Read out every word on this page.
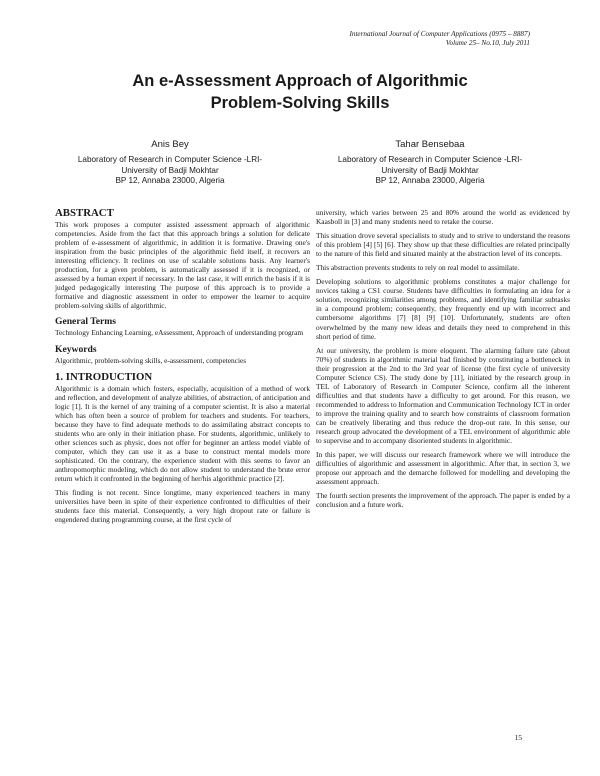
International Journal of Computer Applications (0975 – 8887)
Volume 25– No.10, July 2011
An e-Assessment Approach of Algorithmic
Problem-Solving Skills
Anis Bey
Laboratory of Research in Computer Science -LRI-
University of Badji Mokhtar
BP 12, Annaba 23000, Algeria
Tahar Bensebaa
Laboratory of Research in Computer Science -LRI-
University of Badji Mokhtar
BP 12, Annaba 23000, Algeria
ABSTRACT
This work proposes a computer assisted assessment approach of algorithmic competencies. Aside from the fact that this approach brings a solution for delicate problem of e-assessment of algorithmic, in addition it is formative. Drawing one's inspiration from the basic principles of the algorithmic field itself, it recovers an interesting efficiency. It reclines on use of scalable solutions basis. Any learner's production, for a given problem, is automatically assessed if it is recognized, or assessed by a human expert if necessary. In the last case, it will enrich the basis if it is judged pedagogically interesting The purpose of this approach is to provide a formative and diagnostic assessment in order to empower the learner to acquire problem-solving skills of algorithmic.
General Terms
Technology Enhancing Learning, eAssessment, Approach of understanding program
Keywords
Algorithmic, problem-solving skills, e-assessment, competencies
1. INTRODUCTION
Algorithmic is a domain which fosters, especially, acquisition of a method of work and reflection, and development of analyze abilities, of abstraction, of anticipation and logic [1]. It is the kernel of any training of a computer scientist. It is also a material which has often been a source of problem for teachers and students. For teachers, because they have to find adequate methods to do assimilating abstract concepts to students who are only in their initiation phase. For students, algorithmic, unlikely to other sciences such as physic, does not offer for beginner an artless model viable of computer, which they can use it as a base to construct mental models more sophisticated. On the contrary, the experience student with this seems to favor an anthropomorphic modeling, which do not allow student to understand the brute error return which it confronted in the beginning of her/his algorithmic practice [2].
This finding is not recent. Since longtime, many experienced teachers in many universities have been in spite of their experience confronted to difficulties of their students face this material. Consequently, a very high dropout rate or failure is engendered during programming course, at the first cycle of
university, which varies between 25 and 80% around the world as evidenced by Kaasboll in [3] and many students need to retake the course.
This situation drove several specialists to study and to strive to understand the reasons of this problem [4] [5] [6]. They show up that these difficulties are related principally to the nature of this field and situated mainly at the abstraction level of its concepts.
This abstraction prevents students to rely on real model to assimilate.
Developing solutions to algorithmic problems constitutes a major challenge for novices taking a CS1 course. Students have difficulties in formulating an idea for a solution, recognizing similarities among problems, and identifying familiar subtasks in a compound problem; consequently, they frequently end up with incorrect and cumbersome algorithms [7] [8] [9] [10]. Unfortunately, students are often overwhelmed by the many new ideas and details they need to comprehend in this short period of time.
At our university, the problem is more eloquent. The alarming failure rate (about 70%) of students in algorithmic material had finished by constituting a bottleneck in their progression at the 2nd to the 3rd year of license (the first cycle of university Computer Science CS). The study done by [11], initiated by the research group in TEL of Laboratory of Research in Computer Science, confirm all the inherent difficulties and that students have a difficulty to get around. For this reason, we recommended to address to Information and Communication Technology ICT in order to improve the training quality and to search how constraints of classroom formation can be creatively liberating and thus reduce the drop-out rate. In this sense, our research group advocated the development of a TEL environment of algorithmic able to supervise and to accompany disoriented students in algorithmic.
In this paper, we will discuss our research framework where we will introduce the difficulties of algorithmic and assessment in algorithmic. After that, in section 3, we propose our approach and the demarche followed for modelling and developing the assessment approach.
The fourth section presents the improvement of the approach. The paper is ended by a conclusion and a future work.
15
